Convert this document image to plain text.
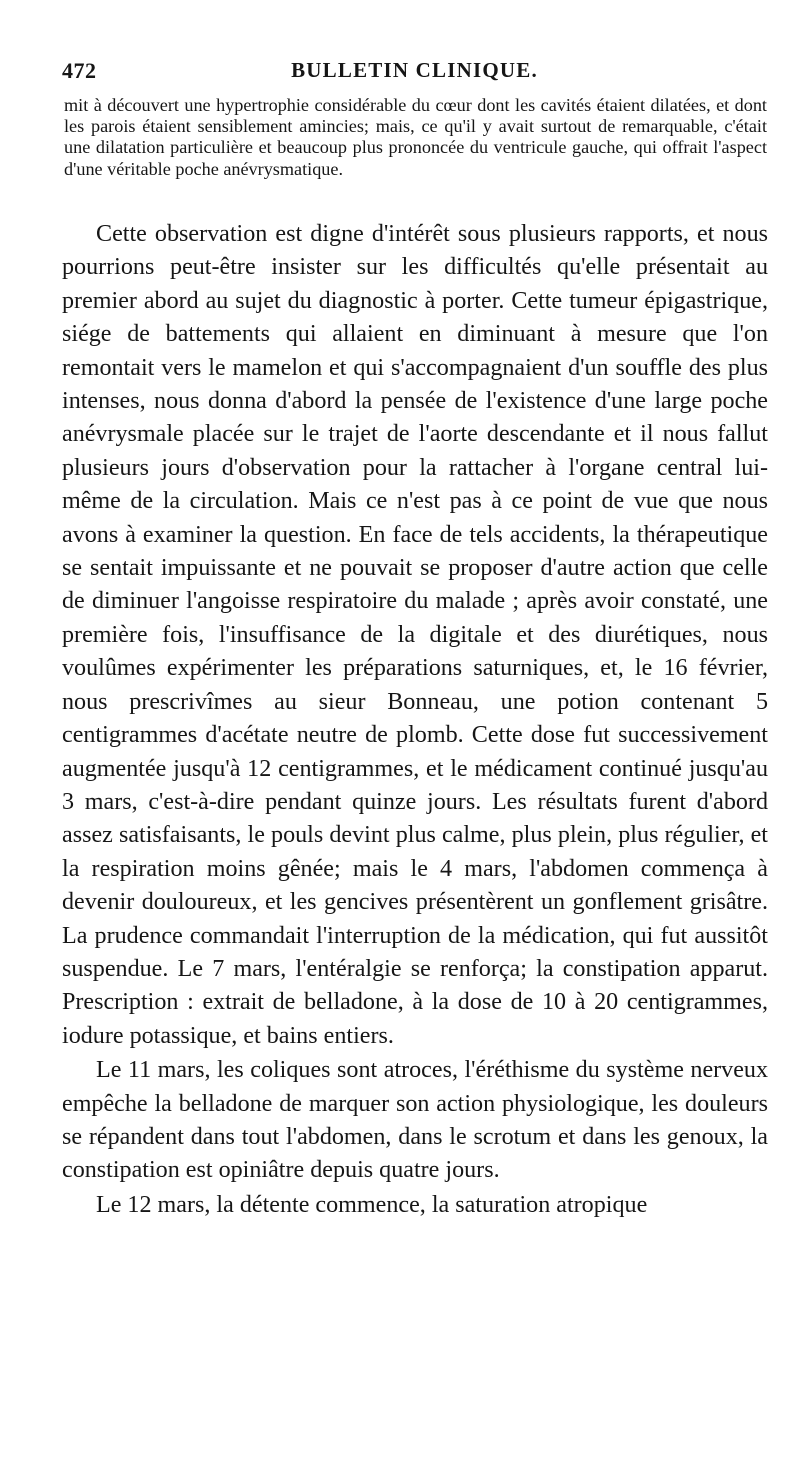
472	BULLETIN CLINIQUE.
mit à découvert une hypertrophie considérable du cœur dont les cavités étaient dilatées, et dont les parois étaient sensiblement amincies; mais, ce qu'il y avait surtout de remarquable, c'était une dilatation particulière et beaucoup plus prononcée du ventricule gauche, qui offrait l'aspect d'une véritable poche anévrysmatique.

Cette observation est digne d'intérêt sous plusieurs rapports, et nous pourrions peut-être insister sur les difficultés qu'elle présentait au premier abord au sujet du diagnostic à porter. Cette tumeur épigastrique, siége de battements qui allaient en diminuant à mesure que l'on remontait vers le mamelon et qui s'accompagnaient d'un souffle des plus intenses, nous donna d'abord la pensée de l'existence d'une large poche anévrysmale placée sur le trajet de l'aorte descendante et il nous fallut plusieurs jours d'observation pour la rattacher à l'organe central lui-même de la circulation. Mais ce n'est pas à ce point de vue que nous avons à examiner la question. En face de tels accidents, la thérapeutique se sentait impuissante et ne pouvait se proposer d'autre action que celle de diminuer l'angoisse respiratoire du malade ; après avoir constaté, une première fois, l'insuffisance de la digitale et des diurétiques, nous voulûmes expérimenter les préparations saturniques, et, le 16 février, nous prescrivîmes au sieur Bonneau, une potion contenant 5 centigrammes d'acétate neutre de plomb. Cette dose fut successivement augmentée jusqu'à 12 centigrammes, et le médicament continué jusqu'au 3 mars, c'est-à-dire pendant quinze jours. Les résultats furent d'abord assez satisfaisants, le pouls devint plus calme, plus plein, plus régulier, et la respiration moins gênée; mais le 4 mars, l'abdomen commença à devenir douloureux, et les gencives présentèrent un gonflement grisâtre. La prudence commandait l'interruption de la médication, qui fut aussitôt suspendue. Le 7 mars, l'entéralgie se renforça; la constipation apparut. Prescription : extrait de belladone, à la dose de 10 à 20 centigrammes, iodure potassique, et bains entiers.

Le 11 mars, les coliques sont atroces, l'éréthisme du système nerveux empêche la belladone de marquer son action physiologique, les douleurs se répandent dans tout l'abdomen, dans le scrotum et dans les genoux, la constipation est opiniâtre depuis quatre jours.

Le 12 mars, la détente commence, la saturation atropique
